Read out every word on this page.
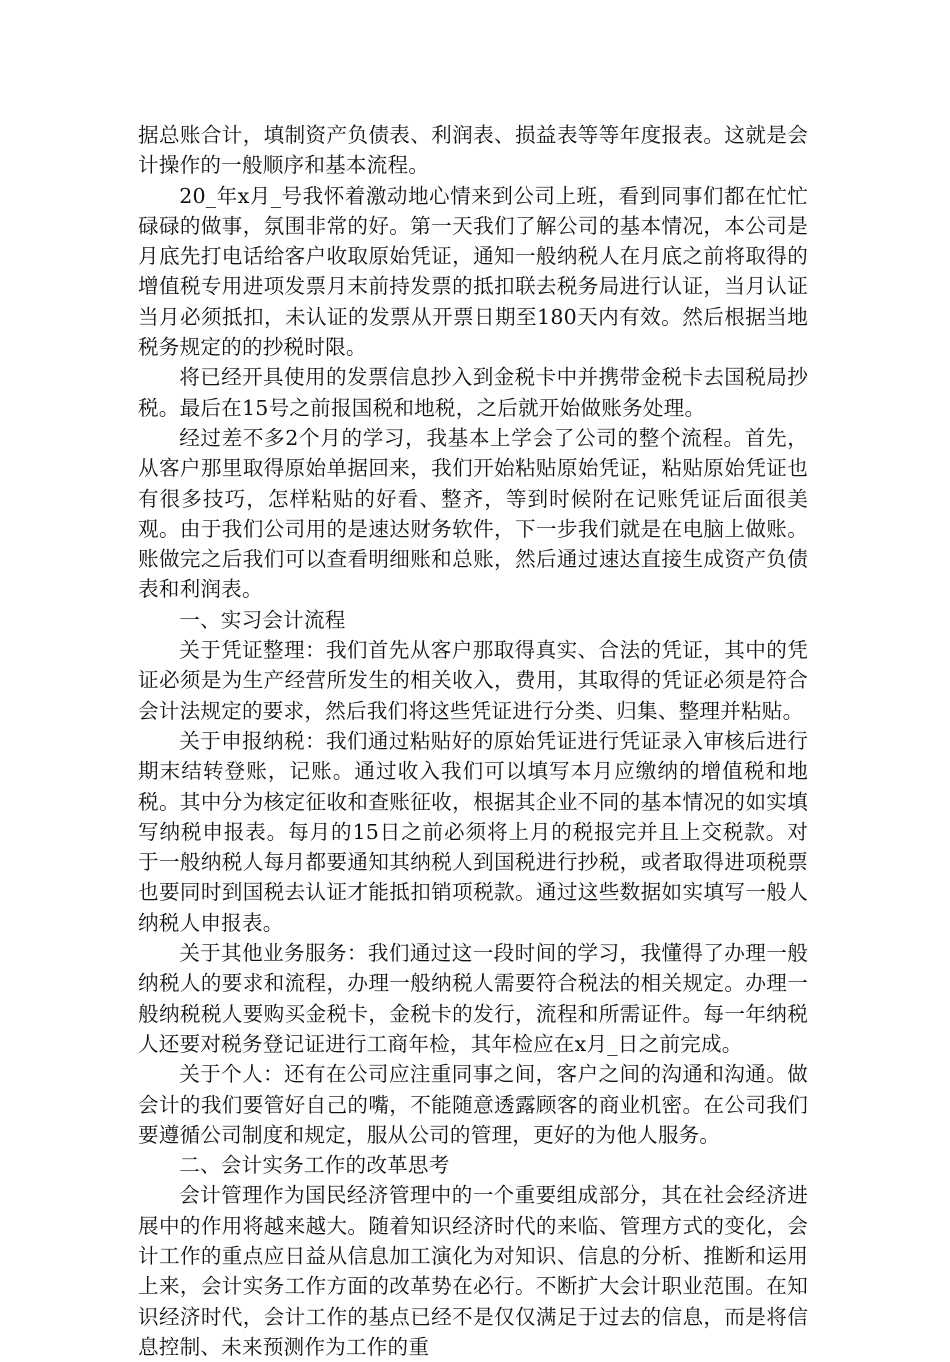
据总账合计，填制资产负债表、利润表、损益表等等年度报表。这就是会计操作的一般顺序和基本流程。

20_年x月_号我怀着激动地心情来到公司上班，看到同事们都在忙忙碌碌的做事，氛围非常的好。第一天我们了解公司的基本情况，本公司是月底先打电话给客户收取原始凭证，通知一般纳税人在月底之前将取得的增值税专用进项发票月末前持发票的抵扣联去税务局进行认证，当月认证当月必须抵扣，未认证的发票从开票日期至180天内有效。然后根据当地税务规定的的抄税时限。

将已经开具使用的发票信息抄入到金税卡中并携带金税卡去国税局抄税。最后在15号之前报国税和地税，之后就开始做账务处理。

经过差不多2个月的学习，我基本上学会了公司的整个流程。首先，从客户那里取得原始单据回来，我们开始粘贴原始凭证，粘贴原始凭证也有很多技巧，怎样粘贴的好看、整齐，等到时候附在记账凭证后面很美观。由于我们公司用的是速达财务软件，下一步我们就是在电脑上做账。账做完之后我们可以查看明细账和总账，然后通过速达直接生成资产负债表和利润表。

一、实习会计流程

关于凭证整理：我们首先从客户那取得真实、合法的凭证，其中的凭证必须是为生产经营所发生的相关收入，费用，其取得的凭证必须是符合会计法规定的要求，然后我们将这些凭证进行分类、归集、整理并粘贴。

关于申报纳税：我们通过粘贴好的原始凭证进行凭证录入审核后进行期末结转登账，记账。通过收入我们可以填写本月应缴纳的增值税和地税。其中分为核定征收和查账征收，根据其企业不同的基本情况的如实填写纳税申报表。每月的15日之前必须将上月的税报完并且上交税款。对于一般纳税人每月都要通知其纳税人到国税进行抄税，或者取得进项税票也要同时到国税去认证才能抵扣销项税款。通过这些数据如实填写一般人纳税人申报表。

关于其他业务服务：我们通过这一段时间的学习，我懂得了办理一般纳税人的要求和流程，办理一般纳税人需要符合税法的相关规定。办理一般纳税税人要购买金税卡，金税卡的发行，流程和所需证件。每一年纳税人还要对税务登记证进行工商年检，其年检应在x月_日之前完成。

关于个人：还有在公司应注重同事之间，客户之间的沟通和沟通。做会计的我们要管好自己的嘴，不能随意透露顾客的商业机密。在公司我们要遵循公司制度和规定，服从公司的管理，更好的为他人服务。

二、会计实务工作的改革思考

会计管理作为国民经济管理中的一个重要组成部分，其在社会经济进展中的作用将越来越大。随着知识经济时代的来临、管理方式的变化，会计工作的重点应日益从信息加工演化为对知识、信息的分析、推断和运用上来，会计实务工作方面的改革势在必行。不断扩大会计职业范围。在知识经济时代，会计工作的基点已经不是仅仅满足于过去的信息，而是将信息控制、未来预测作为工作的重
